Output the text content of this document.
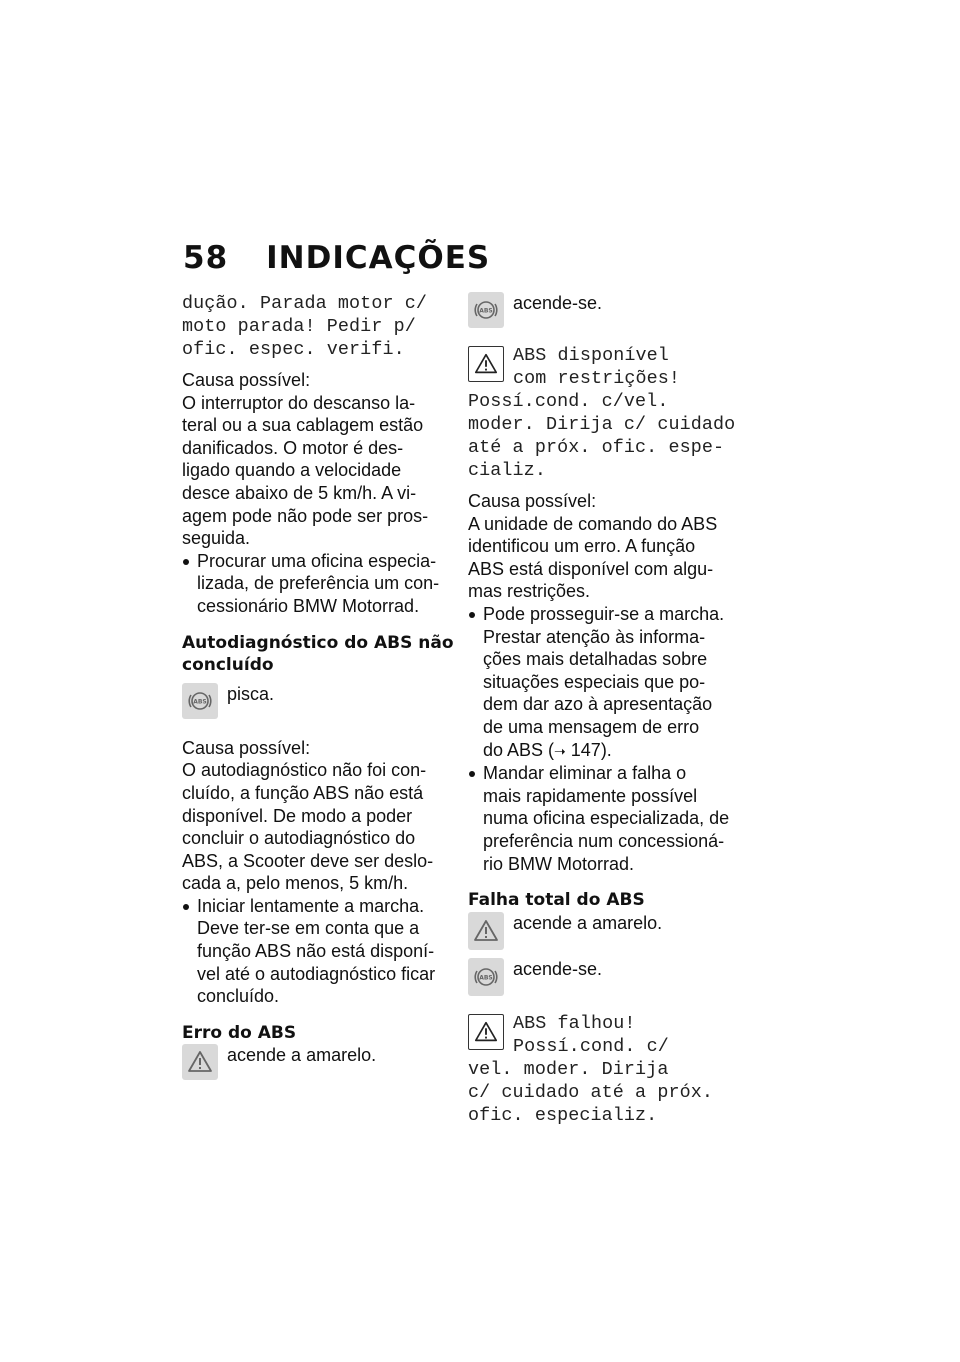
58 INDICAÇÕES

dução. Parada motor c/

moto parada! Pedir p/

ofic. espec. verifi.

Causa possível:

O interruptor do descanso la-

teral ou a sua cablagem estão

danificados. O motor é des-

ligado quando a velocidade

desce abaixo de 5 km/h. A vi-

agem pode não pode ser pros-

seguida.

Procurar uma oficina especia-

lizada, de preferência um con-

cessionário BMW Motorrad.

Autodiagnóstico do ABS não

concluído

ABS	pisca.

Causa possível:

O autodiagnóstico não foi con-

cluído, a função ABS não está

disponível. De modo a poder

concluir o autodiagnóstico do

ABS, a Scooter deve ser deslo-

cada a, pelo menos, 5 km/h.

Iniciar lentamente a marcha.

Deve ter-se em conta que a

função ABS não está disponí-

vel até o autodiagnóstico ficar

concluído.

Erro do ABS

acende a amarelo.

ABS	acende-se.

ABS disponível

com restrições!

Possí.cond. c/vel.

moder. Dirija c/ cuidado

até a próx. ofic. espe-

cializ.

Causa possível:

A unidade de comando do ABS

identificou um erro. A função

ABS está disponível com algu-

mas restrições.

Pode prosseguir-se a marcha.

Prestar atenção às informa-

ções mais detalhadas sobre

situações especiais que po-

dem dar azo à apresentação

de uma mensagem de erro

do ABS (➝ 147).

Mandar eliminar a falha o

mais rapidamente possível

numa oficina especializada, de

preferência num concessioná-

rio BMW Motorrad.

Falha total do ABS

acende a amarelo.

ABS	acende-se.

ABS falhou!

Possí.cond. c/

vel. moder. Dirija

c/ cuidado até a próx.

ofic. especializ.
